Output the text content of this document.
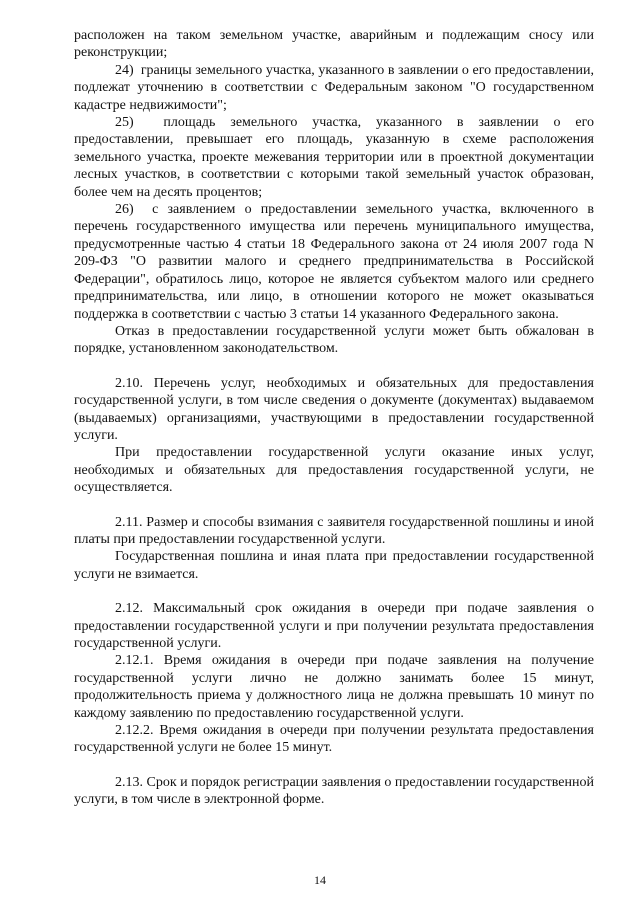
расположен на таком земельном участке, аварийным и подлежащим сносу или реконструкции;

24)  границы земельного участка, указанного в заявлении о его предоставлении, подлежат уточнению в соответствии с Федеральным законом "О государственном кадастре недвижимости";

25)  площадь земельного участка, указанного в заявлении о его предоставлении, превышает его площадь, указанную в схеме расположения земельного участка, проекте межевания территории или в проектной документации лесных участков, в соответствии с которыми такой земельный участок образован, более чем на десять процентов;

26)  с заявлением о предоставлении земельного участка, включенного в перечень государственного имущества или перечень муниципального имущества, предусмотренные частью 4 статьи 18 Федерального закона от 24 июля 2007 года N 209-ФЗ "О развитии малого и среднего предпринимательства в Российской Федерации", обратилось лицо, которое не является субъектом малого или среднего предпринимательства, или лицо, в отношении которого не может оказываться поддержка в соответствии с частью 3 статьи 14 указанного Федерального закона.

Отказ в предоставлении государственной услуги может быть обжалован в порядке, установленном законодательством.

2.10. Перечень услуг, необходимых и обязательных для предоставления государственной услуги, в том числе сведения о документе (документах) выдаваемом (выдаваемых) организациями, участвующими в предоставлении государственной услуги.

При предоставлении государственной услуги оказание иных услуг, необходимых и обязательных для предоставления государственной услуги, не осуществляется.

2.11. Размер и способы взимания с заявителя государственной пошлины и иной платы при предоставлении государственной услуги.

Государственная пошлина и иная плата при предоставлении государственной услуги не взимается.

2.12. Максимальный срок ожидания в очереди при подаче заявления о предоставлении государственной услуги и при получении результата предоставления государственной услуги.

2.12.1. Время ожидания в очереди при подаче заявления на получение государственной услуги лично не должно занимать более 15 минут, продолжительность приема у должностного лица не должна превышать 10 минут по каждому заявлению по предоставлению государственной услуги.

2.12.2. Время ожидания в очереди при получении результата предоставления государственной услуги не более 15 минут.

2.13. Срок и порядок регистрации заявления о предоставлении государственной услуги, в том числе в электронной форме.

14
